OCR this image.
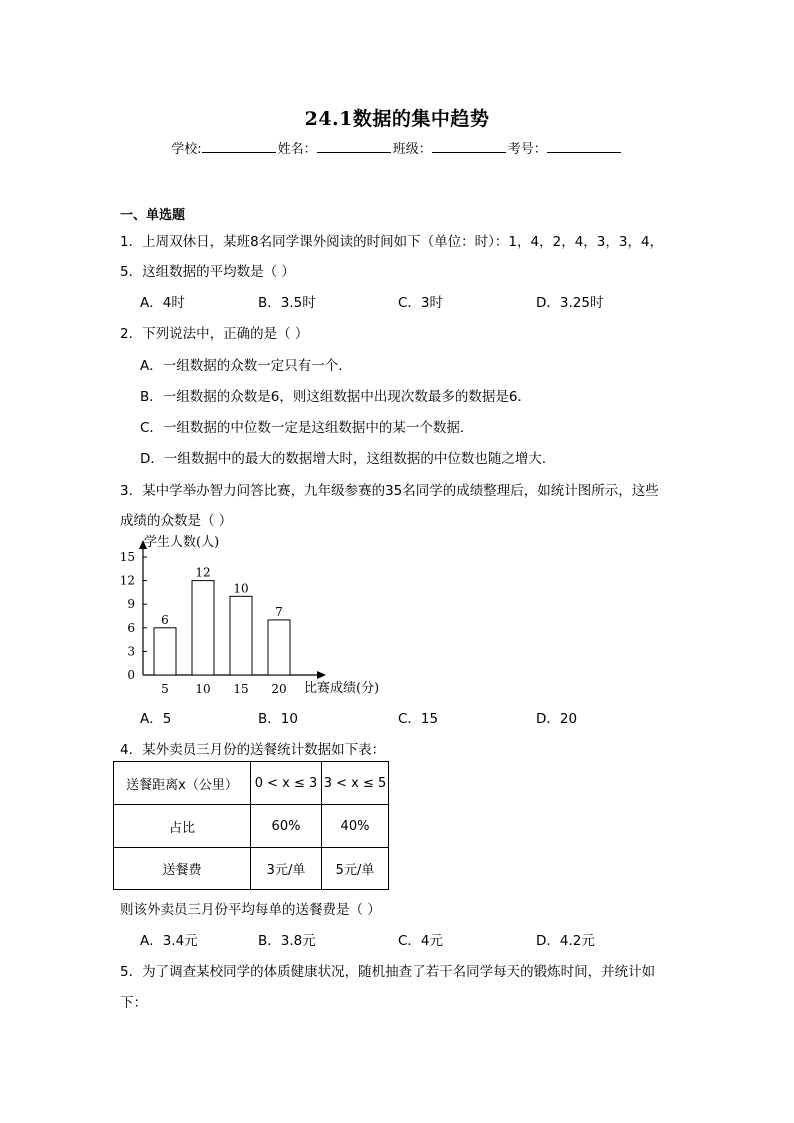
24.1数据的集中趋势
学校:	姓名：	班级：	考号：
一、单选题
1．上周双休日，某班8名同学课外阅读的时间如下（单位：时）：1，4，2，4，3，3，4，
5．这组数据的平均数是（ ）
A．4时	B．3.5时	C．3时	D．3.25时
2．下列说法中，正确的是（ ）
A．一组数据的众数一定只有一个．
B．一组数据的众数是6，则这组数据中出现次数最多的数据是6．
C．一组数据的中位数一定是这组数据中的某一个数据．
D．一组数据中的最大的数据增大时，这组数据的中位数也随之增大．
3．某中学举办智力问答比赛，九年级参赛的35名同学的成绩整理后，如统计图所示，这些
成绩的众数是（ ）
0
3
6
9
12
15
6
5
12
10
10
15
7
20
学生人数(人)
比赛成绩(分)
A．5	B．10	C．15	D．20
4．某外卖员三月份的送餐统计数据如下表：
送餐距离x（公里）	0 < x ≤ 3	3 < x ≤ 5
占比	60%	40%
送餐费	3元/单	5元/单
则该外卖员三月份平均每单的送餐费是（ ）
A．3.4元	B．3.8元	C．4元	D．4.2元
5．为了调查某校同学的体质健康状况，随机抽查了若干名同学每天的锻炼时间，并统计如
下：
